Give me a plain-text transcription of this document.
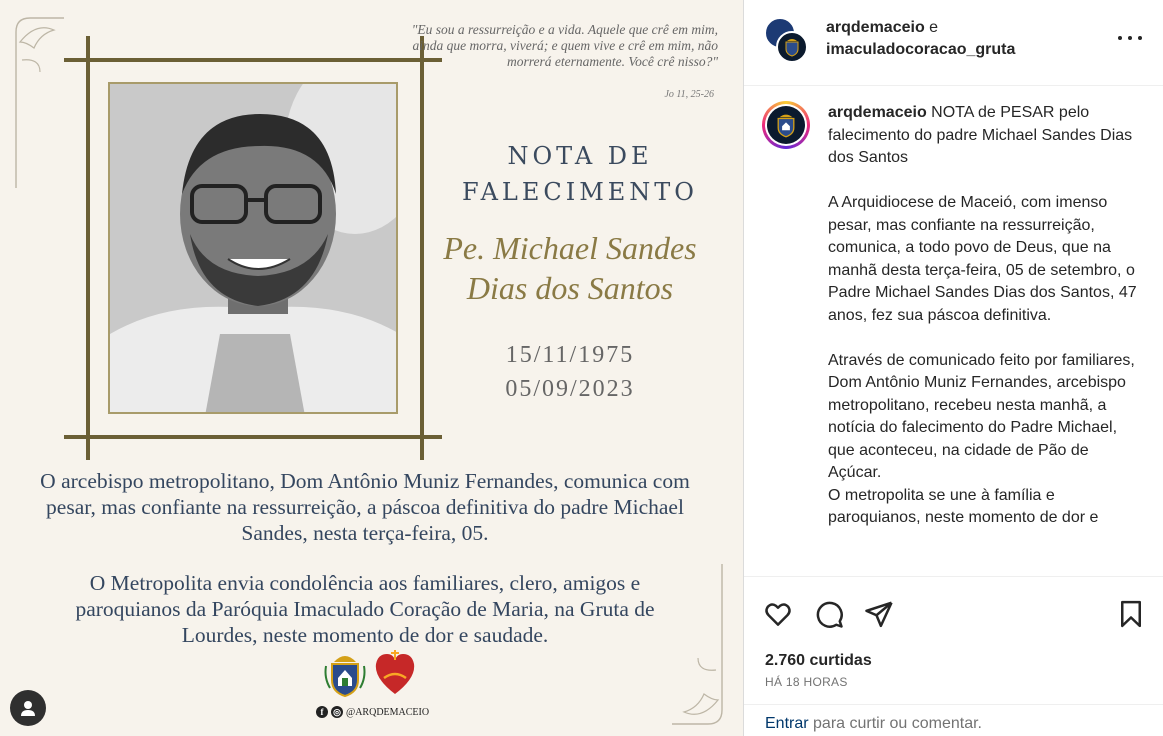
"Eu sou a ressurreição e a vida. Aquele que crê em mim, ainda que morra, viverá; e quem vive e crê em mim, não morrerá eternamente. Você crê nisso?"
Jo 11, 25-26
NOTA DE
FALECIMENTO
Pe. Michael Sandes
Dias dos Santos
15/11/1975
05/09/2023
O arcebispo metropolitano, Dom Antônio Muniz Fernandes, comunica com pesar, mas confiante na ressurreição, a páscoa definitiva do padre Michael Sandes, nesta terça-feira, 05.
O Metropolita envia condolência aos familiares, clero, amigos e paroquianos da Paróquia Imaculado Coração de Maria, na Gruta de Lourdes, neste momento de dor e saudade.
f	◎ @ARQDEMACEIO
arqdemaceio e
imaculadocoracao_gruta
arqdemaceio NOTA de PESAR pelo falecimento do padre Michael Sandes Dias dos Santos

A Arquidiocese de Maceió, com imenso pesar, mas confiante na ressurreição, comunica, a todo povo de Deus, que na manhã desta terça-feira, 05 de setembro, o Padre Michael Sandes Dias dos Santos, 47 anos, fez sua páscoa definitiva.

Através de comunicado feito por familiares, Dom Antônio Muniz Fernandes, arcebispo metropolitano, recebeu nesta manhã, a notícia do falecimento do Padre Michael, que aconteceu, na cidade de Pão de Açúcar.
O metropolita se une à família e paroquianos, neste momento de dor e
2.760 curtidas
HÁ 18 HORAS
Entrar para curtir ou comentar.
